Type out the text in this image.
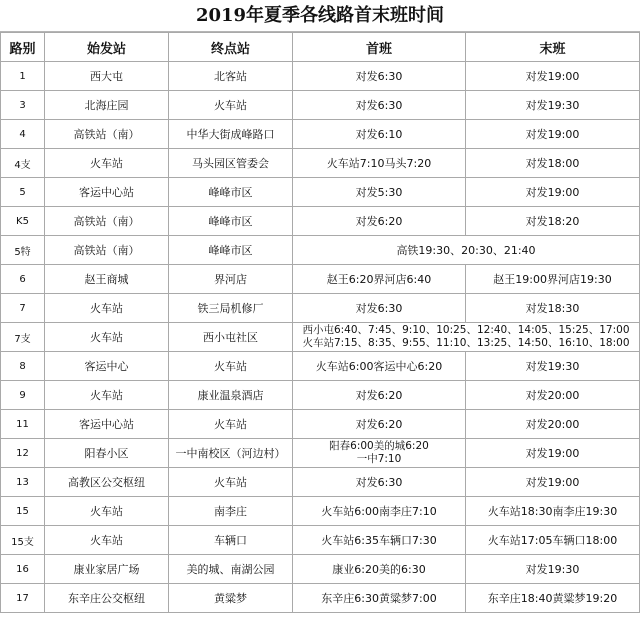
2019年夏季各线路首末班时间
路别	始发站	终点站	首班	末班
1	西大屯	北客站	对发6:30	对发19:00
3	北海庄园	火车站	对发6:30	对发19:30
4	高铁站（南）	中华大街成峰路口	对发6:10	对发19:00
4支	火车站	马头园区管委会	火车站7:10马头7:20	对发18:00
5	客运中心站	峰峰市区	对发5:30	对发19:00
K5	高铁站（南）	峰峰市区	对发6:20	对发18:20
5特	高铁站（南）	峰峰市区	高铁19:30、20:30、21:40	
6	赵王商城	界河店	赵王6:20界河店6:40	赵王19:00界河店19:30
7	火车站	铁三局机修厂	对发6:30	对发18:30
7支	火车站	西小屯社区	西小屯6:40、7:45、9:10、10:25、12:40、14:05、15:25、17:00
火车站7:15、8:35、9:55、11:10、13:25、14:50、16:10、18:00	

8	客运中心	火车站	火车站6:00客运中心6:20	对发19:30
9	火车站	康业温泉酒店	对发6:20	对发20:00
11	客运中心站	火车站	对发6:20	对发20:00
12	阳春小区	一中南校区（河边村）	阳春6:00美的城6:20
一中7:10	对发19:00
13	高教区公交枢纽	火车站	对发6:30	对发19:00
15	火车站	南李庄	火车站6:00南李庄7:10	火车站18:30南李庄19:30
15支	火车站	车辆口	火车站6:35车辆口7:30	火车站17:05车辆口18:00
16	康业家居广场	美的城、南湖公园	康业6:20美的6:30	对发19:30
17	东辛庄公交枢纽	黄粱梦	东辛庄6:30黄粱梦7:00	东辛庄18:40黄粱梦19:20
